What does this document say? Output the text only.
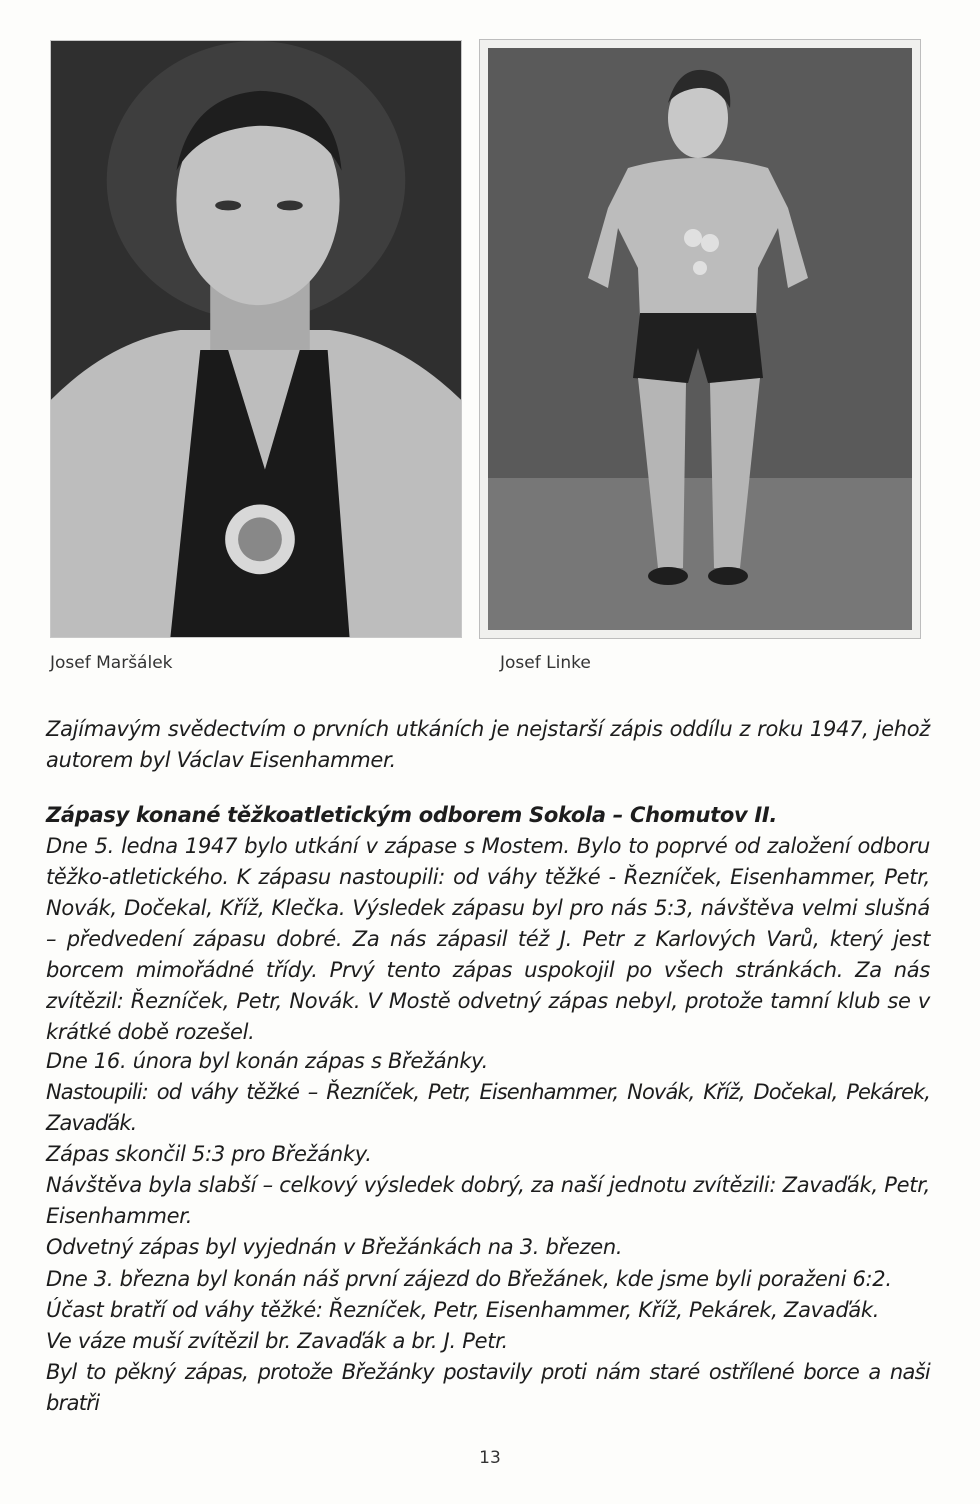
Josef Maršálek	Josef Linke

Zajímavým svědectvím o prvních utkáních je nejstarší zápis oddílu z roku 1947, jehož autorem byl Václav Eisenhammer.

Zápasy konané těžkoatletickým odborem Sokola – Chomutov II.

Dne 5. ledna 1947 bylo utkání v zápase s Mostem. Bylo to poprvé od založení odboru těžko-atletického. K zápasu nastoupili: od váhy těžké - Řezníček, Eisenhammer, Petr, Novák, Dočekal, Kříž, Klečka. Výsledek zápasu byl pro nás 5:3, návštěva velmi slušná – předvedení zápasu dobré. Za nás zápasil též J. Petr z Karlových Varů, který jest borcem mimořádné třídy. Prvý tento zápas uspokojil po všech stránkách. Za nás zvítězil: Řezníček, Petr, Novák. V Mostě odvetný zápas nebyl, protože tamní klub se v krátké době rozešel.

Dne 16. února byl konán zápas s Břežánky.

Nastoupili: od váhy těžké – Řezníček, Petr, Eisenhammer, Novák, Kříž, Dočekal, Pekárek, Zavaďák.

Zápas skončil 5:3 pro Břežánky.

Návštěva byla slabší – celkový výsledek dobrý, za naší jednotu zvítězili: Zavaďák, Petr, Eisenhammer.

Odvetný zápas byl vyjednán v Břežánkách na 3. březen.

Dne 3. března byl konán náš první zájezd do Břežánek, kde jsme byli poraženi 6:2.

Účast bratří od váhy těžké: Řezníček, Petr, Eisenhammer, Kříž, Pekárek, Zavaďák.

Ve váze muší zvítězil br. Zavaďák a br. J. Petr.

Byl to pěkný zápas, protože Břežánky postavily proti nám staré ostřílené borce a naši bratři

13
